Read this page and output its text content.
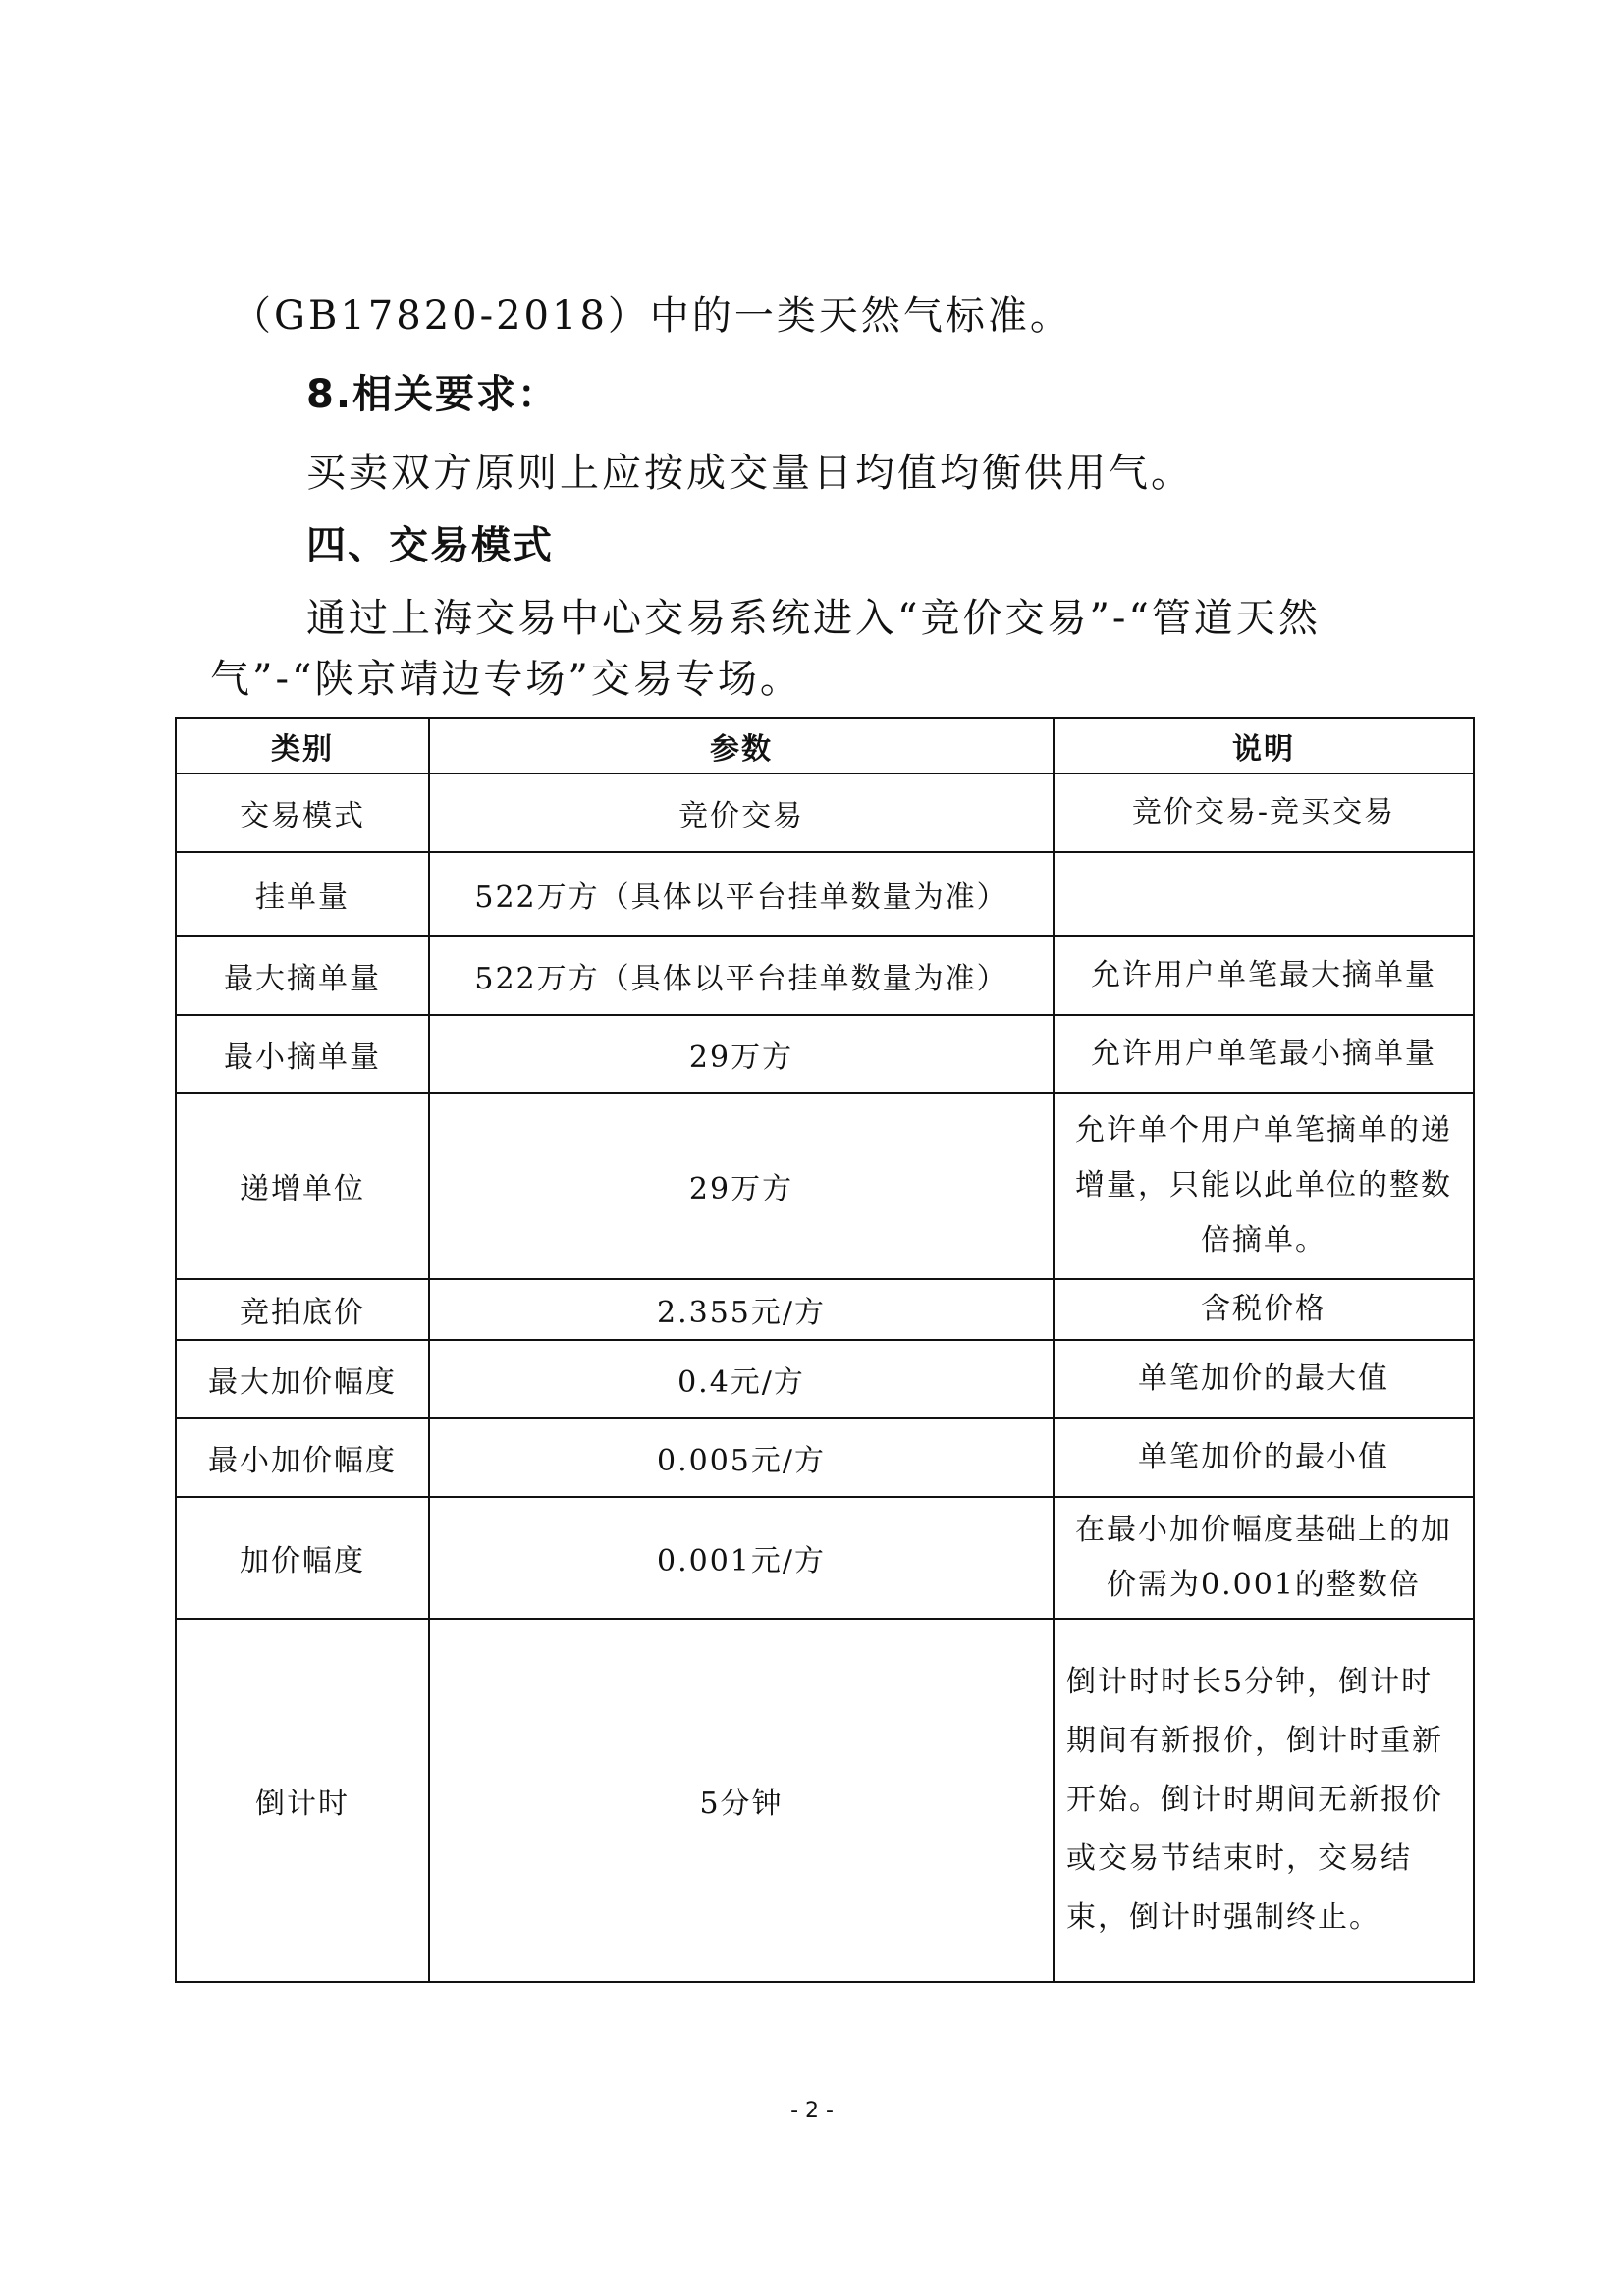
（GB17820-2018）中的一类天然气标准。
8.相关要求：
买卖双方原则上应按成交量日均值均衡供用气。
四、交易模式
通过上海交易中心交易系统进入“竞价交易”-“管道天然
气”-“陕京靖边专场”交易专场。
类别	参数	说明
交易模式	竞价交易	竞价交易-竞买交易
挂单量	522万方（具体以平台挂单数量为准）	
最大摘单量	522万方（具体以平台挂单数量为准）	允许用户单笔最大摘单量
最小摘单量	29万方	允许用户单笔最小摘单量
递增单位	29万方	允许单个用户单笔摘单的递增量，只能以此单位的整数倍摘单。
竞拍底价	2.355元/方	含税价格
最大加价幅度	0.4元/方	单笔加价的最大值
最小加价幅度	0.005元/方	单笔加价的最小值
加价幅度	0.001元/方	在最小加价幅度基础上的加价需为0.001的整数倍
倒计时	5分钟	倒计时时长5分钟，倒计时期间有新报价，倒计时重新开始。倒计时期间无新报价或交易节结束时，交易结束，倒计时强制终止。
- 2 -
